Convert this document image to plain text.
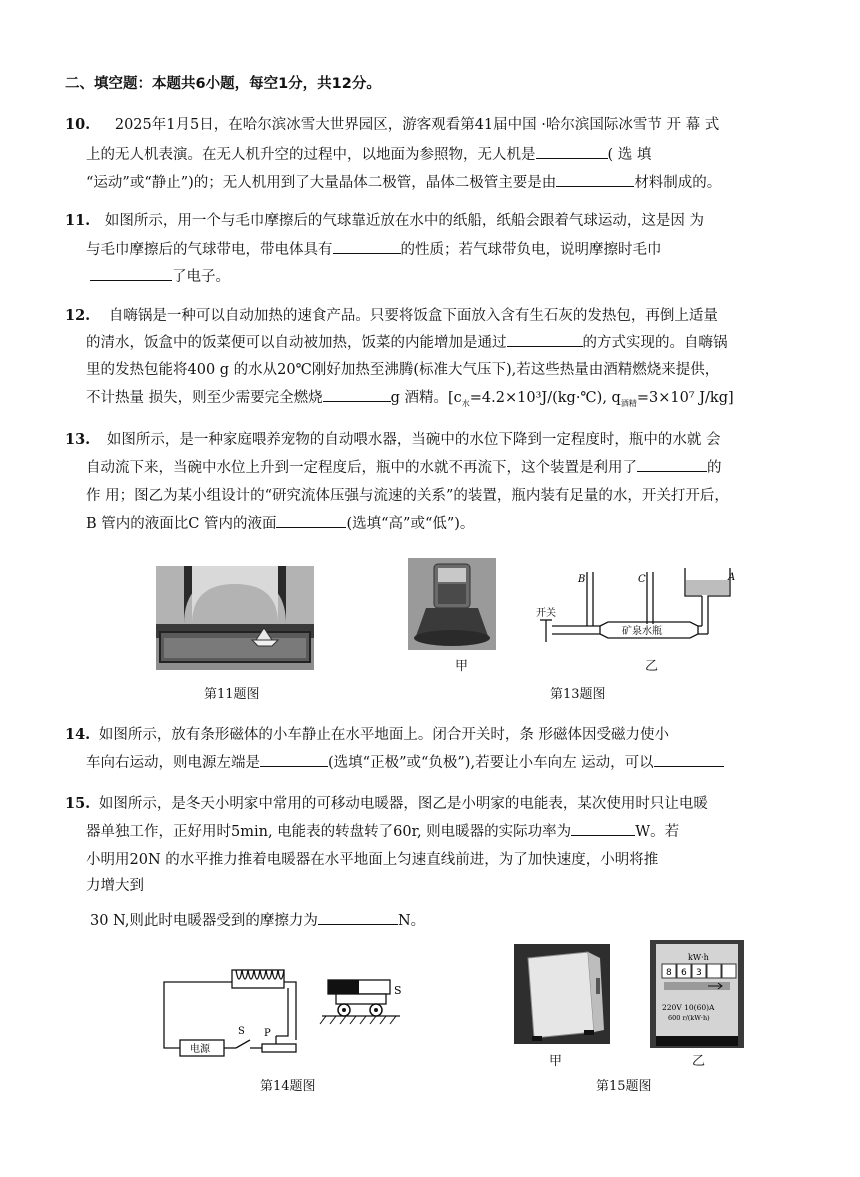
二、填空题：本题共6小题，每空1分，共12分。
10. 2025年1月5日，在哈尔滨冰雪大世界园区，游客观看第41届中国 ·哈尔滨国际冰雪节 开 幕 式
上的无人机表演。在无人机升空的过程中，以地面为参照物，无人机是	( 选 填
“运动”或“静止”)的；无人机用到了大量晶体二极管，晶体二极管主要是由	材料制成的。
11. 如图所示，用一个与毛巾摩擦后的气球靠近放在水中的纸船，纸船会跟着气球运动，这是因 为
与毛巾摩擦后的气球带电，带电体具有	的性质；若气球带负电，说明摩擦时毛巾
了电子。
12. 自嗨锅是一种可以自动加热的速食产品。只要将饭盒下面放入含有生石灰的发热包，再倒上适量
的清水，饭盒中的饭菜便可以自动被加热，饭菜的内能增加是通过	的方式实现的。自嗨锅
里的发热包能将400 g 的水从20℃刚好加热至沸腾(标准大气压下),若这些热量由酒精燃烧来提供，
不计热量 损失，则至少需要完全燃烧	g 酒精。[$c_水=4.2\times 10^3J/(kg\cdot℃)$, $q_{酒精}=3\times 10^7$ J/kg]
13. 如图所示，是一种家庭喂养宠物的自动喂水器，当碗中的水位下降到一定程度时，瓶中的水就 会
自动流下来，当碗中水位上升到一定程度后，瓶中的水就不再流下，这个装置是利用了	的
作 用；图乙为某小组设计的“研究流体压强与流速的关系”的装置，瓶内装有足量的水，开关打开后，
B 管内的液面比C 管内的液面	(选填“高”或“低”)。
第11题图
甲
B	C	A
开关
矿泉水瓶
乙
第13题图
14. 如图所示，放有条形磁体的小车静止在水平地面上。闭合开关时，条 形磁体因受磁力使小
车向右运动，则电源左端是	(选填“正极”或“负极”),若要让小车向左 运动，可以
15. 如图所示，是冬天小明家中常用的可移动电暖器，图乙是小明家的电能表，某次使用时只让电暖
器单独工作，正好用时5min, 电能表的转盘转了60r, 则电暖器的实际功率为	W。若
小明用20N 的水平推力推着电暖器在水平地面上匀速直线前进，为了加快速度，小明将推
力增大到
30 N,则此时电暖器受到的摩擦力为	N。
S
电源
S P
第14题图
甲
kW·h
8 6 3
220V 10(60)A
600 r/(kW·h)
乙
第15题图
